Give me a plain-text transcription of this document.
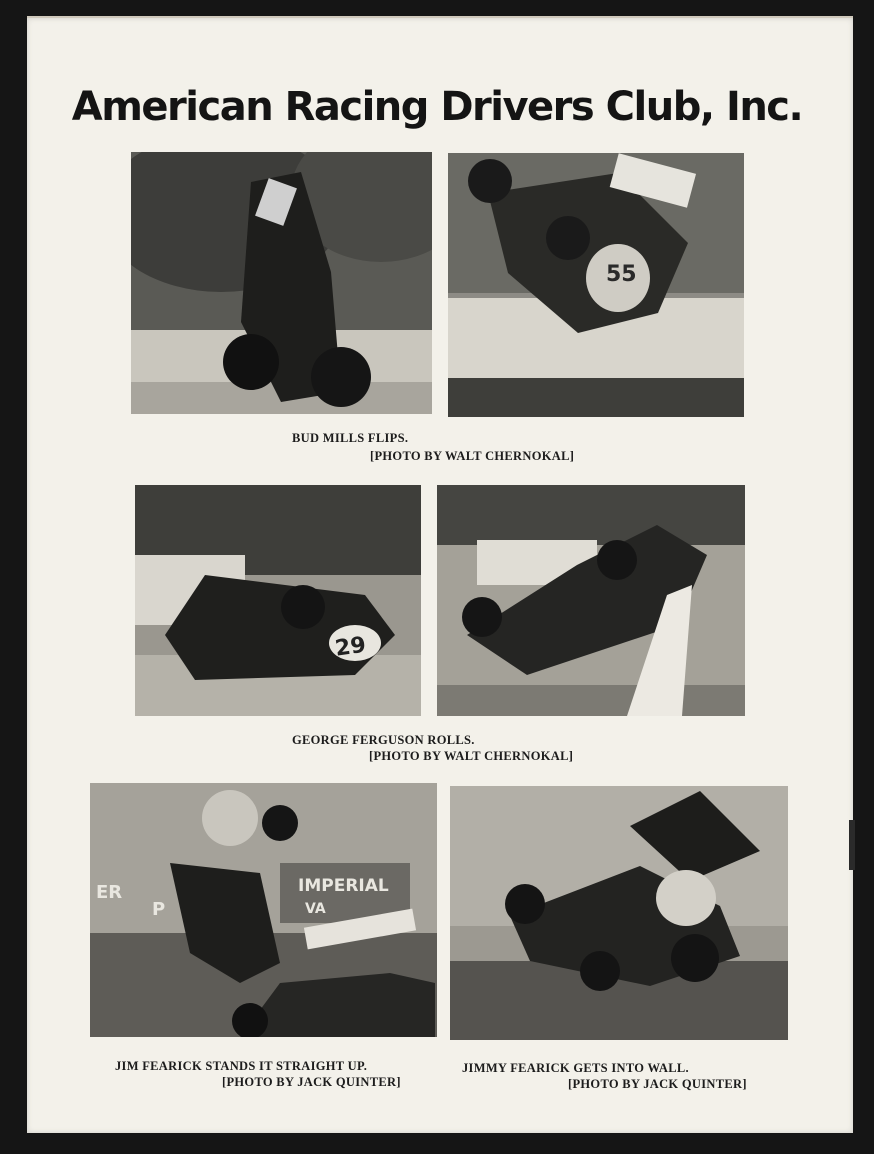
American Racing Drivers Club, Inc.
55
BUD MILLS FLIPS.
[PHOTO BY WALT CHERNOKAL]
29
GEORGE FERGUSON ROLLS.
[PHOTO BY WALT CHERNOKAL]
IMPERIAL
VA
ER
P
JIM FEARICK STANDS IT STRAIGHT UP.
[PHOTO BY JACK QUINTER]
JIMMY FEARICK GETS INTO WALL.
[PHOTO BY JACK QUINTER]
